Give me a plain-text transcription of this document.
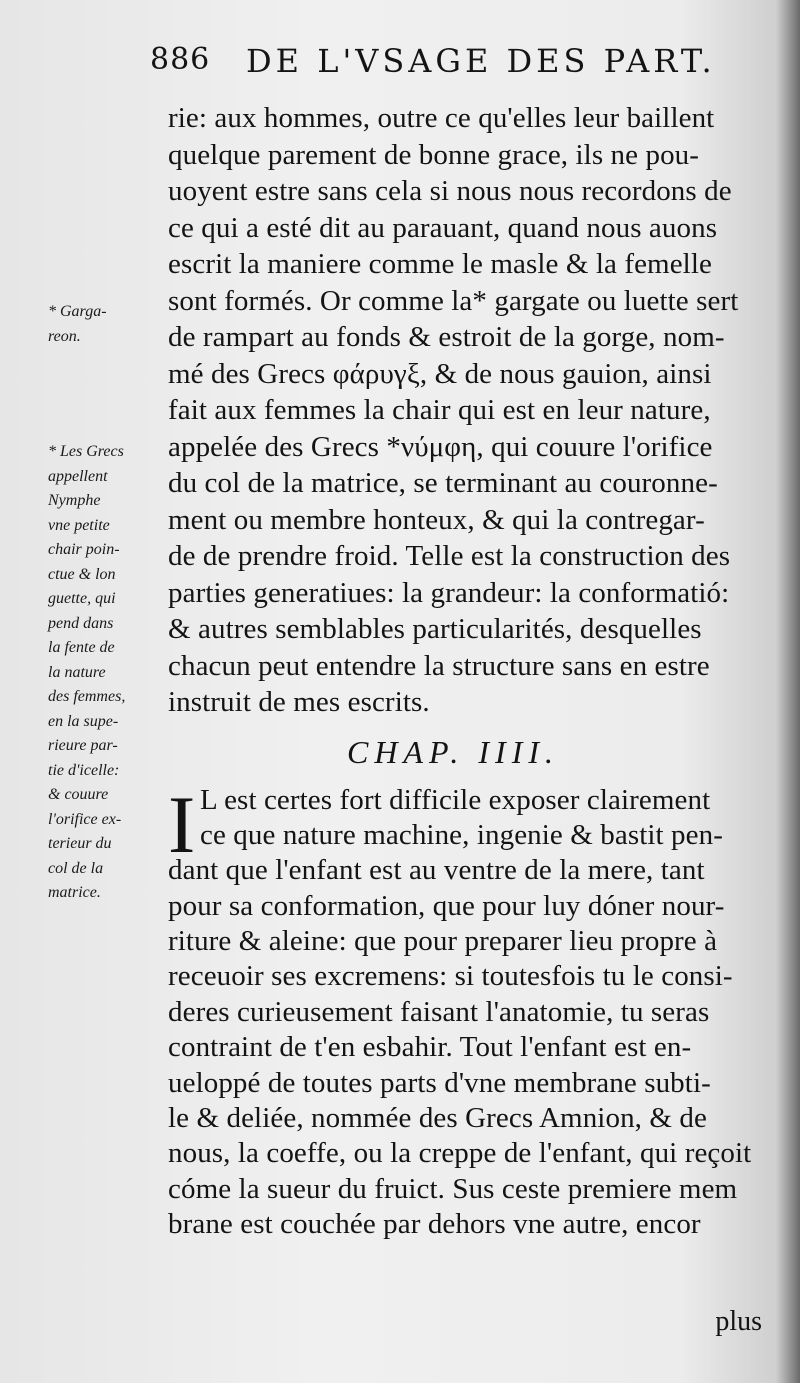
886 DE L'VSAGE DES PART.
rie: aux hommes, outre ce qu'elles leur baillent
quelque parement de bonne grace, ils ne pou-
uoyent estre sans cela si nous nous recordons de
ce qui a esté dit au parauant, quand nous auons
escrit la maniere comme le masle & la femelle
sont formés. Or comme la* gargate ou luette sert
de rampart au fonds & estroit de la gorge, nom-
mé des Grecs φάρυγξ, & de nous gauion, ainsi
fait aux femmes la chair qui est en leur nature,
appelée des Grecs *νύμφη, qui couure l'orifice
du col de la matrice, se terminant au couronne-
ment ou membre honteux, & qui la contregar-
de de prendre froid. Telle est la construction des
parties generatiues: la grandeur: la conformatió:
& autres semblables particularités, desquelles
chacun peut entendre la structure sans en estre
instruit de mes escrits.
CHAP. IIII.
I L est certes fort difficile exposer clairement
ce que nature machine, ingenie & bastit pen-
dant que l'enfant est au ventre de la mere, tant
pour sa conformation, que pour luy dóner nour-
riture & aleine: que pour preparer lieu propre à
receuoir ses excremens: si toutesfois tu le consi-
deres curieusement faisant l'anatomie, tu seras
contraint de t'en esbahir. Tout l'enfant est en-
ueloppé de toutes parts d'vne membrane subti-
le & deliée, nommée des Grecs Amnion, & de
nous, la coeffe, ou la creppe de l'enfant, qui reçoit
cóme la sueur du fruict. Sus ceste premiere mem
brane est couchée par dehors vne autre, encor
* Garga-
reon.
* Les Grecs
appellent
Nymphe
vne petite
chair poin-
ctue & lon
guette, qui
pend dans
la fente de
la nature
des femmes,
en la supe-
rieure par-
tie d'icelle:
& couure
l'orifice ex-
terieur du
col de la
matrice.
plus
